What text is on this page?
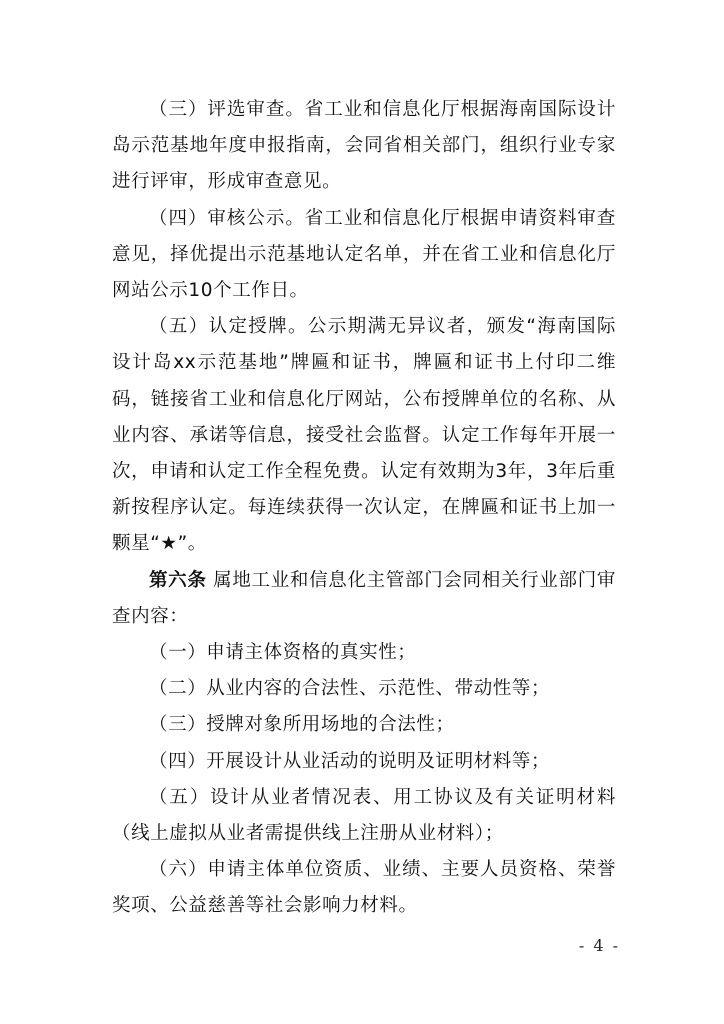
（三）评选审查。省工业和信息化厅根据海南国际设计岛示范基地年度申报指南，会同省相关部门，组织行业专家进行评审，形成审查意见。

（四）审核公示。省工业和信息化厅根据申请资料审查意见，择优提出示范基地认定名单，并在省工业和信息化厅网站公示10个工作日。

（五）认定授牌。公示期满无异议者，颁发“海南国际设计岛xx示范基地”牌匾和证书，牌匾和证书上付印二维码，链接省工业和信息化厅网站，公布授牌单位的名称、从业内容、承诺等信息，接受社会监督。认定工作每年开展一次，申请和认定工作全程免费。认定有效期为3年，3年后重新按程序认定。每连续获得一次认定，在牌匾和证书上加一颗星“★”。

第六条 属地工业和信息化主管部门会同相关行业部门审查内容：

（一）申请主体资格的真实性；

（二）从业内容的合法性、示范性、带动性等；

（三）授牌对象所用场地的合法性；

（四）开展设计从业活动的说明及证明材料等；

（五）设计从业者情况表、用工协议及有关证明材料（线上虚拟从业者需提供线上注册从业材料）；

（六）申请主体单位资质、业绩、主要人员资格、荣誉奖项、公益慈善等社会影响力材料。

- 4 -
